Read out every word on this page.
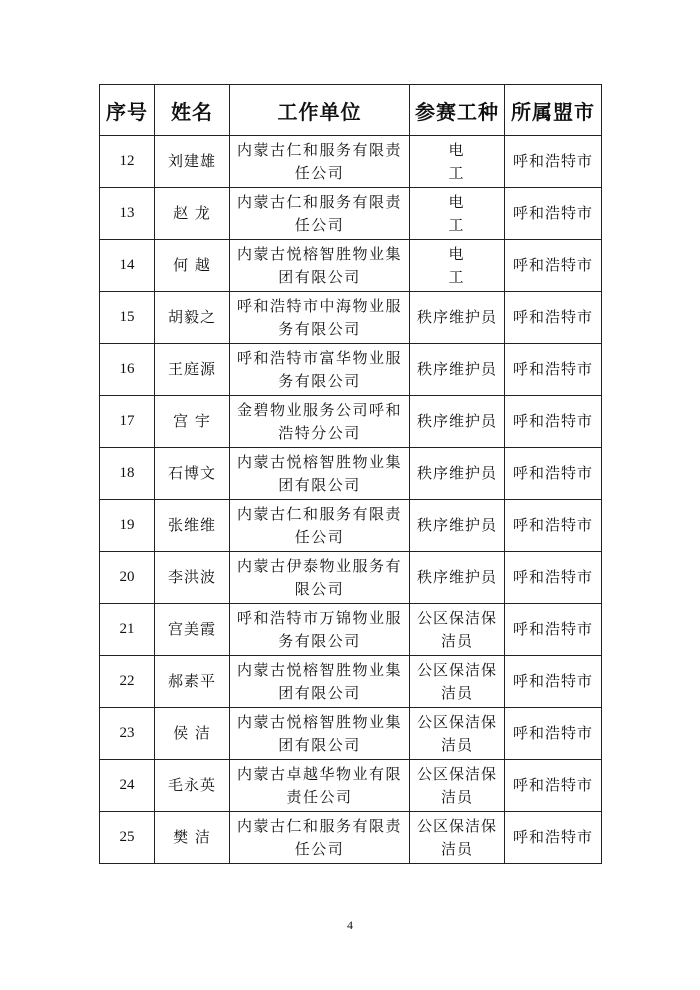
序号	姓名	工作单位	参赛工种	所属盟市
12	刘建雄	内蒙古仁和服务有限责任公司	电 工	呼和浩特市
13	赵 龙	内蒙古仁和服务有限责任公司	电 工	呼和浩特市
14	何 越	内蒙古悦榕智胜物业集团有限公司	电 工	呼和浩特市
15	胡毅之	呼和浩特市中海物业服务有限公司	秩序维护员	呼和浩特市
16	王庭源	呼和浩特市富华物业服务有限公司	秩序维护员	呼和浩特市
17	宫 宇	金碧物业服务公司呼和浩特分公司	秩序维护员	呼和浩特市
18	石博文	内蒙古悦榕智胜物业集团有限公司	秩序维护员	呼和浩特市
19	张维维	内蒙古仁和服务有限责任公司	秩序维护员	呼和浩特市
20	李洪波	内蒙古伊泰物业服务有限公司	秩序维护员	呼和浩特市
21	宫美霞	呼和浩特市万锦物业服务有限公司	公区保洁保洁员	呼和浩特市
22	郝素平	内蒙古悦榕智胜物业集团有限公司	公区保洁保洁员	呼和浩特市
23	侯 洁	内蒙古悦榕智胜物业集团有限公司	公区保洁保洁员	呼和浩特市
24	毛永英	内蒙古卓越华物业有限责任公司	公区保洁保洁员	呼和浩特市
25	樊 洁	内蒙古仁和服务有限责任公司	公区保洁保洁员	呼和浩特市
4
